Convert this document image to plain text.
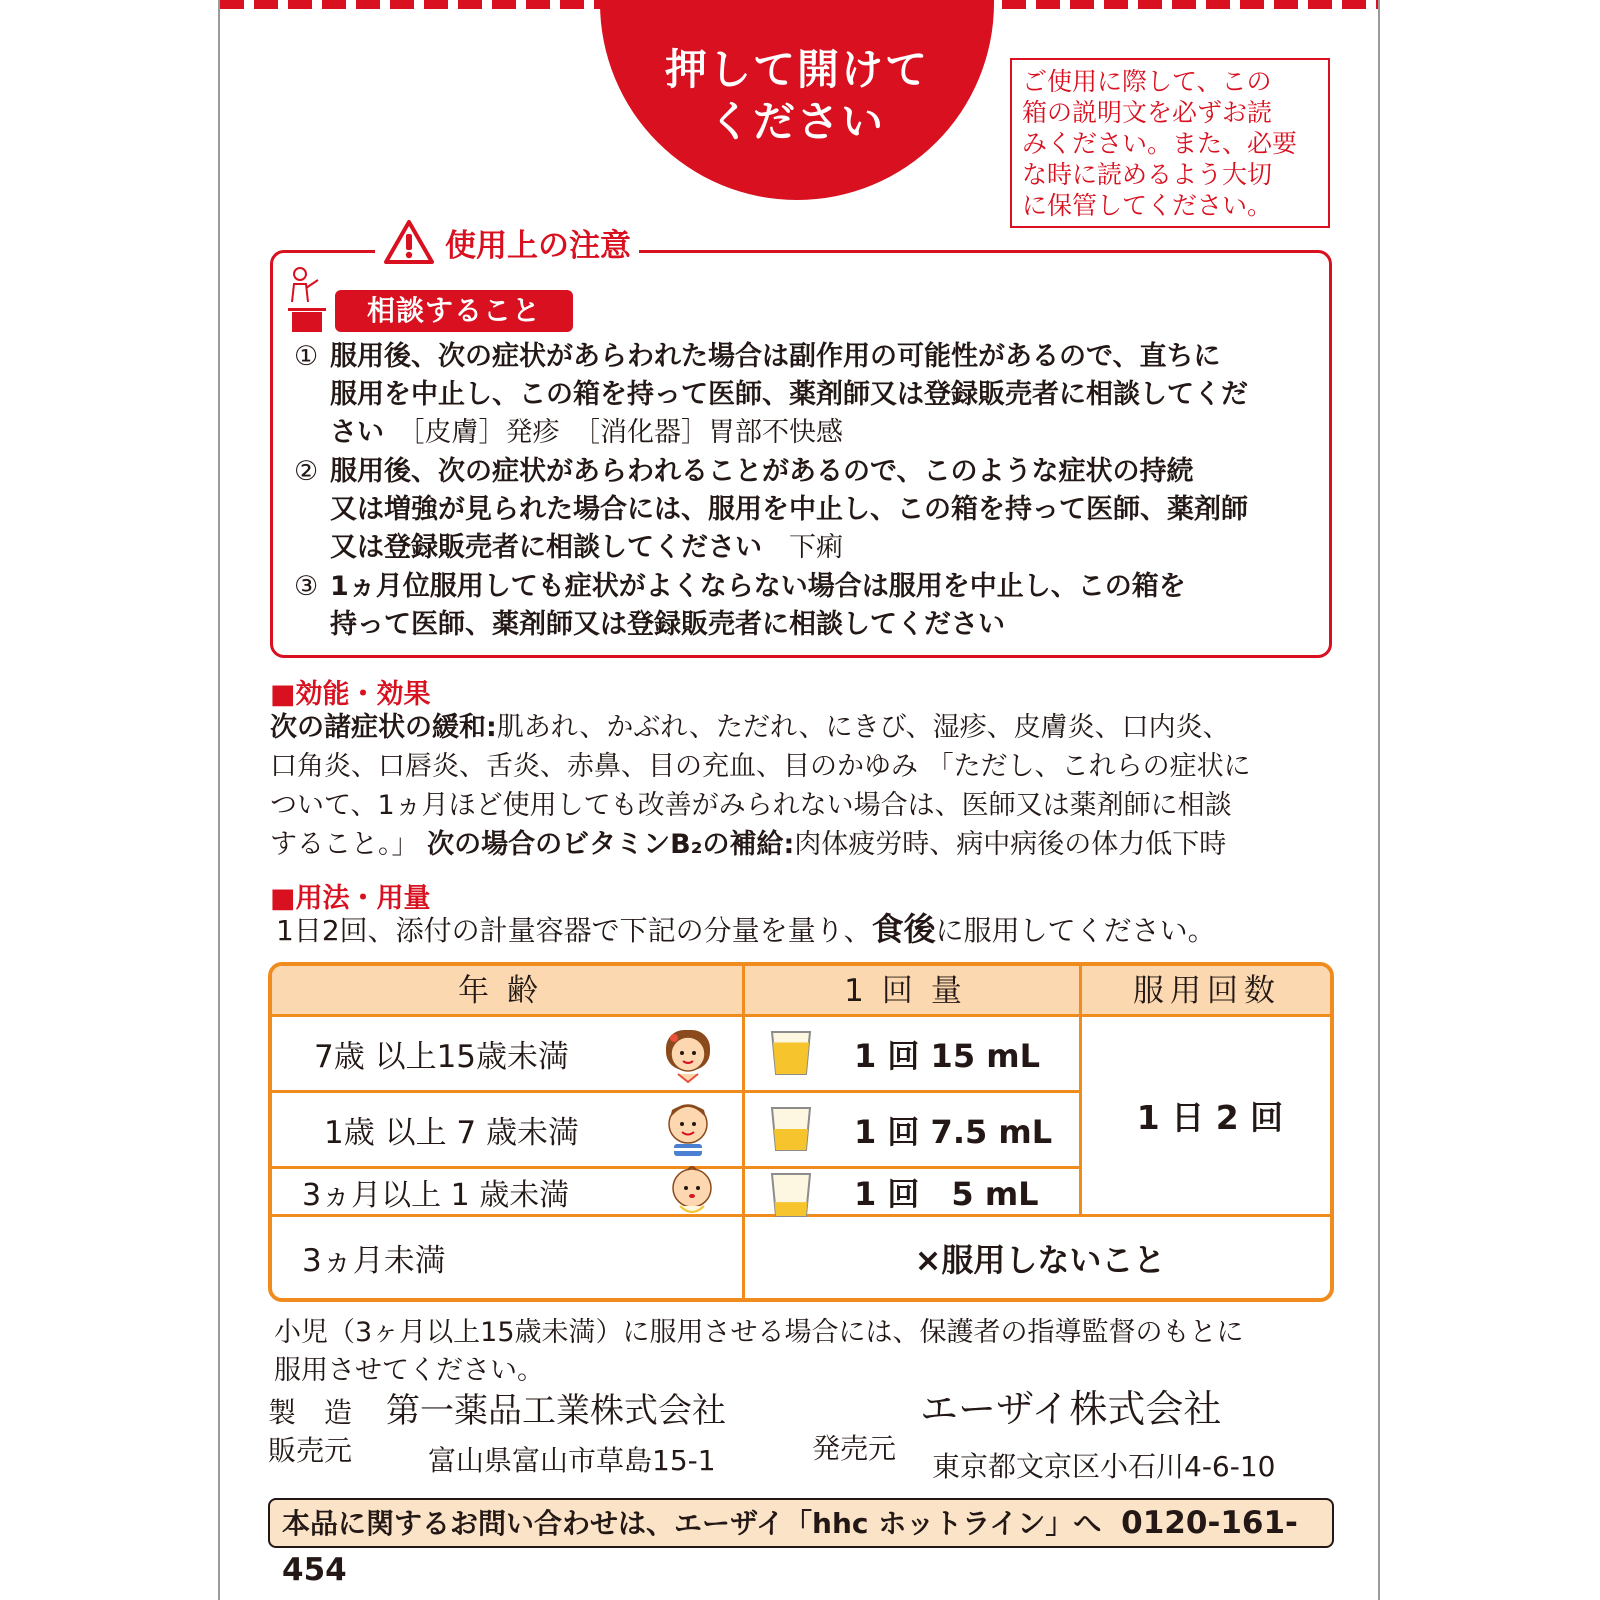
押して開けて
ください
ご使用に際して、この
箱の説明文を必ずお読
みください。また、必要
な時に読めるよう大切
に保管してください。
使用上の注意
相談すること
① 服用後、次の症状があらわれた場合は副作用の可能性があるので、直ちに
服用を中止し、この箱を持って医師、薬剤師又は登録販売者に相談してくだ
さい　 ［皮膚］発疹　［消化器］胃部不快感
② 服用後、次の症状があらわれることがあるので、このような症状の持続
又は増強が見られた場合には、服用を中止し、この箱を持って医師、薬剤師
又は登録販売者に相談してください　 下痢
③ 1ヵ月位服用しても症状がよくならない場合は服用を中止し、この箱を
持って医師、薬剤師又は登録販売者に相談してください
■効能・効果
次の諸症状の緩和:肌あれ、かぶれ、ただれ、にきび、湿疹、皮膚炎、口内炎、
口角炎、口唇炎、舌炎、赤鼻、目の充血、目のかゆみ 「ただし、これらの症状に
ついて、1ヵ月ほど使用しても改善がみられない場合は、医師又は薬剤師に相談
すること。」 次の場合のビタミンB₂の補給:肉体疲労時、病中病後の体力低下時
■用法・用量
1日2回、添付の計量容器で下記の分量を量り、食後に服用してください。
年齢	1回量	服用回数
7歳 以上15歳未満	1 回 15 mL
1歳 以上 7 歳未満	1 回 7.5 mL
3ヵ月以上 1 歳未満	1 回　5 mL
1 日 2 回
3ヵ月未満	×服用しないこと
小児（3ヶ月以上15歳未満）に服用させる場合には、保護者の指導監督のもとに
服用させてください。
製　造
販売元
第一薬品工業株式会社
富山県富山市草島15-1	発売元
エーザイ株式会社
東京都文京区小石川4-6-10
本品に関するお問い合わせは、エーザイ「hhc ホットライン」へ 0120-161-454
